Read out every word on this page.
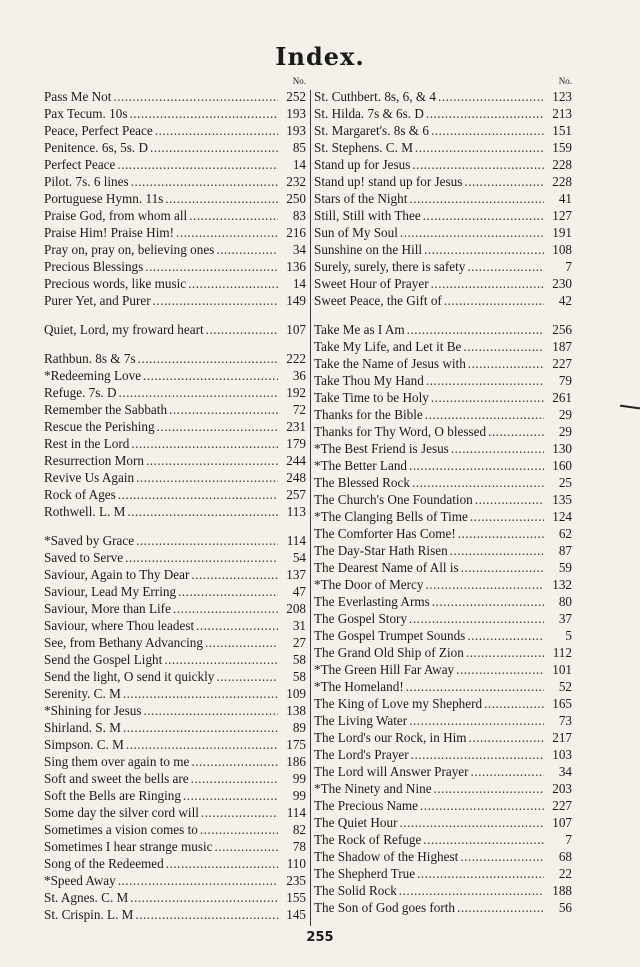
Index.
No.
Pass Me Not .....	252
Pax Tecum. 10s .....	193
Peace, Perfect Peace .....	193
Penitence. 6s, 5s. D .....	85
Perfect Peace .....	14
Pilot. 7s. 6 lines .....	232
Portuguese Hymn. 11s .....	250
Praise God, from whom all .....	83
Praise Him! Praise Him! .....	216
Pray on, pray on, believing ones .....	34
Precious Blessings .....	136
Precious words, like music .....	14
Purer Yet, and Purer .....	149
Quiet, Lord, my froward heart .....	107
Rathbun. 8s & 7s .....	222
*Redeeming Love .....	36
Refuge. 7s. D .....	192
Remember the Sabbath .....	72
Rescue the Perishing .....	231
Rest in the Lord .....	179
Resurrection Morn .....	244
Revive Us Again .....	248
Rock of Ages .....	257
Rothwell. L. M .....	113
*Saved by Grace .....	114
Saved to Serve .....	54
Saviour, Again to Thy Dear .....	137
Saviour, Lead My Erring .....	47
Saviour, More than Life .....	208
Saviour, where Thou leadest .....	31
See, from Bethany Advancing .....	27
Send the Gospel Light .....	58
Send the light, O send it quickly .....	58
Serenity. C. M .....	109
*Shining for Jesus .....	138
Shirland. S. M .....	89
Simpson. C. M .....	175
Sing them over again to me .....	186
Soft and sweet the bells are .....	99
Soft the Bells are Ringing .....	99
Some day the silver cord will .....	114
Sometimes a vision comes to .....	82
Sometimes I hear strange music .....	78
Song of the Redeemed .....	110
*Speed Away .....	235
St. Agnes. C. M .....	155
St. Crispin. L. M .....	145
No.
St. Cuthbert. 8s, 6, & 4 .....	123
St. Hilda. 7s & 6s. D .....	213
St. Margaret's. 8s & 6 .....	151
St. Stephens. C. M .....	159
Stand up for Jesus .....	228
Stand up! stand up for Jesus .....	228
Stars of the Night .....	41
Still, Still with Thee .....	127
Sun of My Soul .....	191
Sunshine on the Hill .....	108
Surely, surely, there is safety .....	7
Sweet Hour of Prayer .....	230
Sweet Peace, the Gift of .....	42
Take Me as I Am .....	256
Take My Life, and Let it Be .....	187
Take the Name of Jesus with .....	227
Take Thou My Hand .....	79
Take Time to be Holy .....	261
Thanks for the Bible .....	29
Thanks for Thy Word, O blessed .....	29
*The Best Friend is Jesus .....	130
*The Better Land .....	160
The Blessed Rock .....	25
The Church's One Foundation .....	135
*The Clanging Bells of Time .....	124
The Comforter Has Come! .....	62
The Day-Star Hath Risen .....	87
The Dearest Name of All is .....	59
*The Door of Mercy .....	132
The Everlasting Arms .....	80
The Gospel Story .....	37
The Gospel Trumpet Sounds .....	5
The Grand Old Ship of Zion .....	112
*The Green Hill Far Away .....	101
*The Homeland! .....	52
The King of Love my Shepherd .....	165
The Living Water .....	73
The Lord's our Rock, in Him .....	217
The Lord's Prayer .....	103
The Lord will Answer Prayer .....	34
*The Ninety and Nine .....	203
The Precious Name .....	227
The Quiet Hour .....	107
The Rock of Refuge .....	7
The Shadow of the Highest .....	68
The Shepherd True .....	22
The Solid Rock .....	188
The Son of God goes forth .....	56
255
